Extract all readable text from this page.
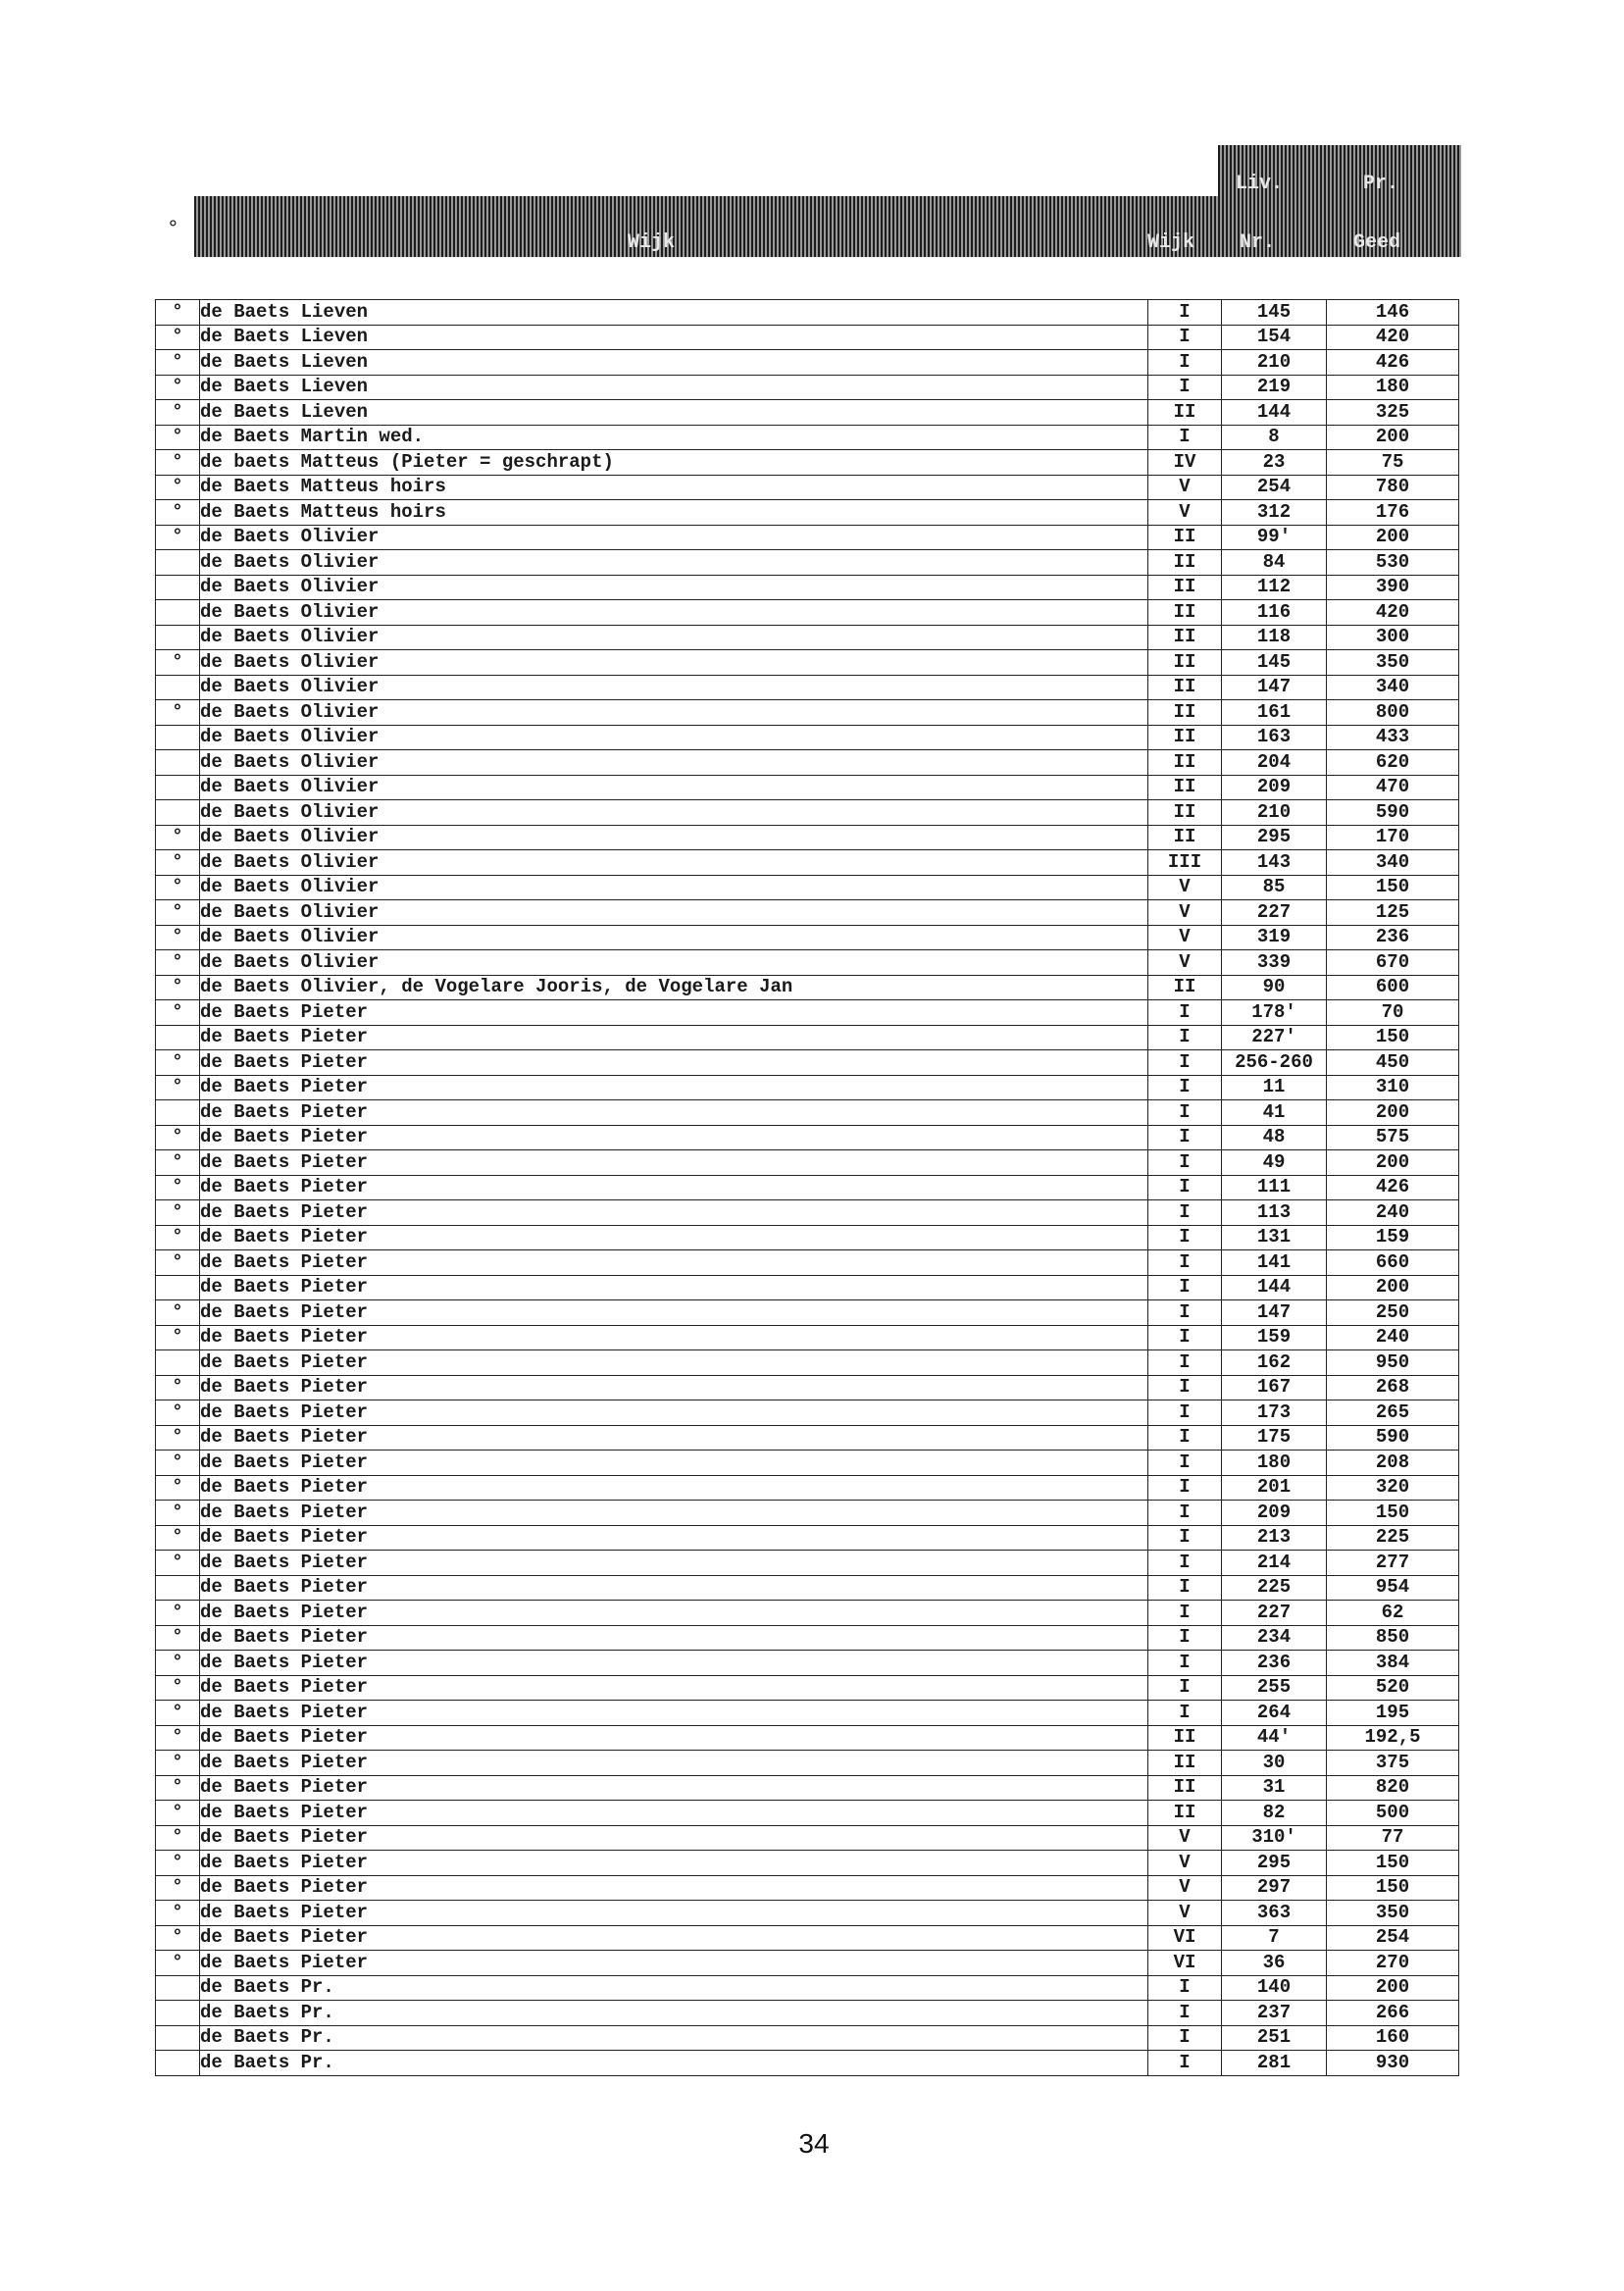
°
Liv.	Pr.
Wijk	Wijk Nr.	Geed
°	de Baets Lieven	I	145	146
°	de Baets Lieven	I	154	420
°	de Baets Lieven	I	210	426
°	de Baets Lieven	I	219	180
°	de Baets Lieven	II	144	325
°	de Baets Martin wed.	I	8	200
°	de baets Matteus (Pieter = geschrapt)	IV	23	75
°	de Baets Matteus hoirs	V	254	780
°	de Baets Matteus hoirs	V	312	176
°	de Baets Olivier	II	99'	200
	de Baets Olivier	II	84	530
	de Baets Olivier	II	112	390
	de Baets Olivier	II	116	420
	de Baets Olivier	II	118	300
°	de Baets Olivier	II	145	350
	de Baets Olivier	II	147	340
°	de Baets Olivier	II	161	800
	de Baets Olivier	II	163	433
	de Baets Olivier	II	204	620
	de Baets Olivier	II	209	470
	de Baets Olivier	II	210	590
°	de Baets Olivier	II	295	170
°	de Baets Olivier	III	143	340
°	de Baets Olivier	V	85	150
°	de Baets Olivier	V	227	125
°	de Baets Olivier	V	319	236
°	de Baets Olivier	V	339	670
°	de Baets Olivier, de Vogelare Jooris, de Vogelare Jan	II	90	600
°	de Baets Pieter	I	178'	70
	de Baets Pieter	I	227'	150
°	de Baets Pieter	I	256-260	450
°	de Baets Pieter	I	11	310
	de Baets Pieter	I	41	200
°	de Baets Pieter	I	48	575
°	de Baets Pieter	I	49	200
°	de Baets Pieter	I	111	426
°	de Baets Pieter	I	113	240
°	de Baets Pieter	I	131	159
°	de Baets Pieter	I	141	660
	de Baets Pieter	I	144	200
°	de Baets Pieter	I	147	250
°	de Baets Pieter	I	159	240
	de Baets Pieter	I	162	950
°	de Baets Pieter	I	167	268
°	de Baets Pieter	I	173	265
°	de Baets Pieter	I	175	590
°	de Baets Pieter	I	180	208
°	de Baets Pieter	I	201	320
°	de Baets Pieter	I	209	150
°	de Baets Pieter	I	213	225
°	de Baets Pieter	I	214	277
	de Baets Pieter	I	225	954
°	de Baets Pieter	I	227	62
°	de Baets Pieter	I	234	850
°	de Baets Pieter	I	236	384
°	de Baets Pieter	I	255	520
°	de Baets Pieter	I	264	195
°	de Baets Pieter	II	44'	192,5
°	de Baets Pieter	II	30	375
°	de Baets Pieter	II	31	820
°	de Baets Pieter	II	82	500
°	de Baets Pieter	V	310'	77
°	de Baets Pieter	V	295	150
°	de Baets Pieter	V	297	150
°	de Baets Pieter	V	363	350
°	de Baets Pieter	VI	7	254
°	de Baets Pieter	VI	36	270
	de Baets Pr.	I	140	200
	de Baets Pr.	I	237	266
	de Baets Pr.	I	251	160
	de Baets Pr.	I	281	930
34
